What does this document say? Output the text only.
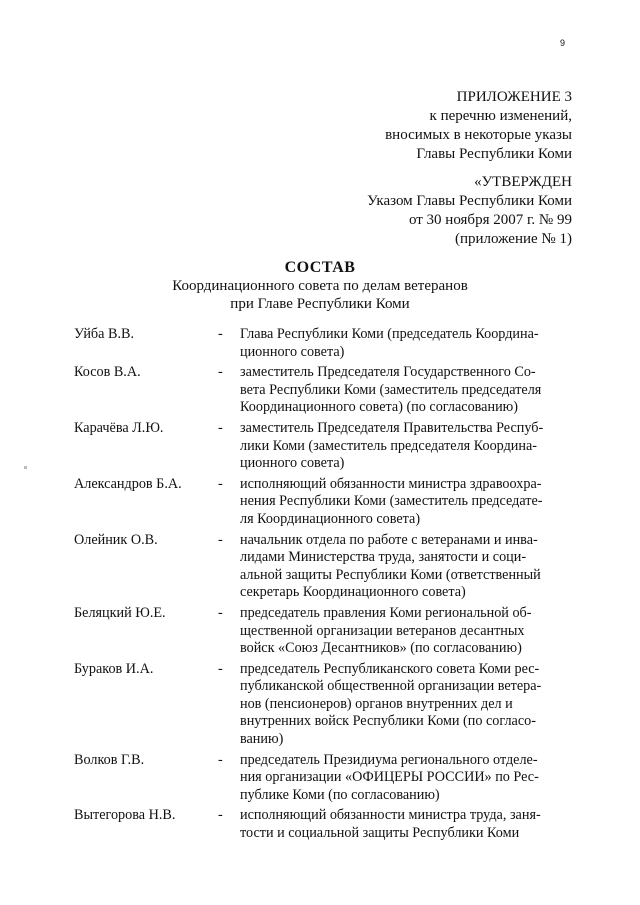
9
ПРИЛОЖЕНИЕ 3
к перечню изменений,
вносимых в некоторые указы
Главы Республики Коми
«УТВЕРЖДЕН
Указом Главы Республики Коми
от 30 ноября 2007 г. № 99
(приложение № 1)
СОСТАВ
Координационного совета по делам ветеранов
при Главе Республики Коми
Уйба В.В.	-	Глава Республики Коми (председатель Координа-
ционного совета)
Косов В.А.	-	заместитель Председателя Государственного Со-
вета Республики Коми (заместитель председателя
Координационного совета) (по согласованию)
Карачёва Л.Ю.	-	заместитель Председателя Правительства Респуб-
лики Коми (заместитель председателя Координа-
ционного совета)
Александров Б.А.	-	исполняющий обязанности министра здравоохра-
нения Республики Коми (заместитель председате-
ля Координационного совета)
Олейник О.В.	-	начальник отдела по работе с ветеранами и инва-
лидами Министерства труда, занятости и соци-
альной защиты Республики Коми (ответственный
секретарь Координационного совета)
Беляцкий Ю.Е.	-	председатель правления Коми региональной об-
щественной организации ветеранов десантных
войск «Союз Десантников» (по согласованию)
Бураков И.А.	-	председатель Республиканского совета Коми рес-
публиканской общественной организации ветера-
нов (пенсионеров) органов внутренних дел и
внутренних войск Республики Коми (по согласо-
ванию)
Волков Г.В.	-	председатель Президиума регионального отделе-
ния организации «ОФИЦЕРЫ РОССИИ» по Рес-
публике Коми (по согласованию)
Вытегорова Н.В.	-	исполняющий обязанности министра труда, заня-
тости и социальной защиты Республики Коми
